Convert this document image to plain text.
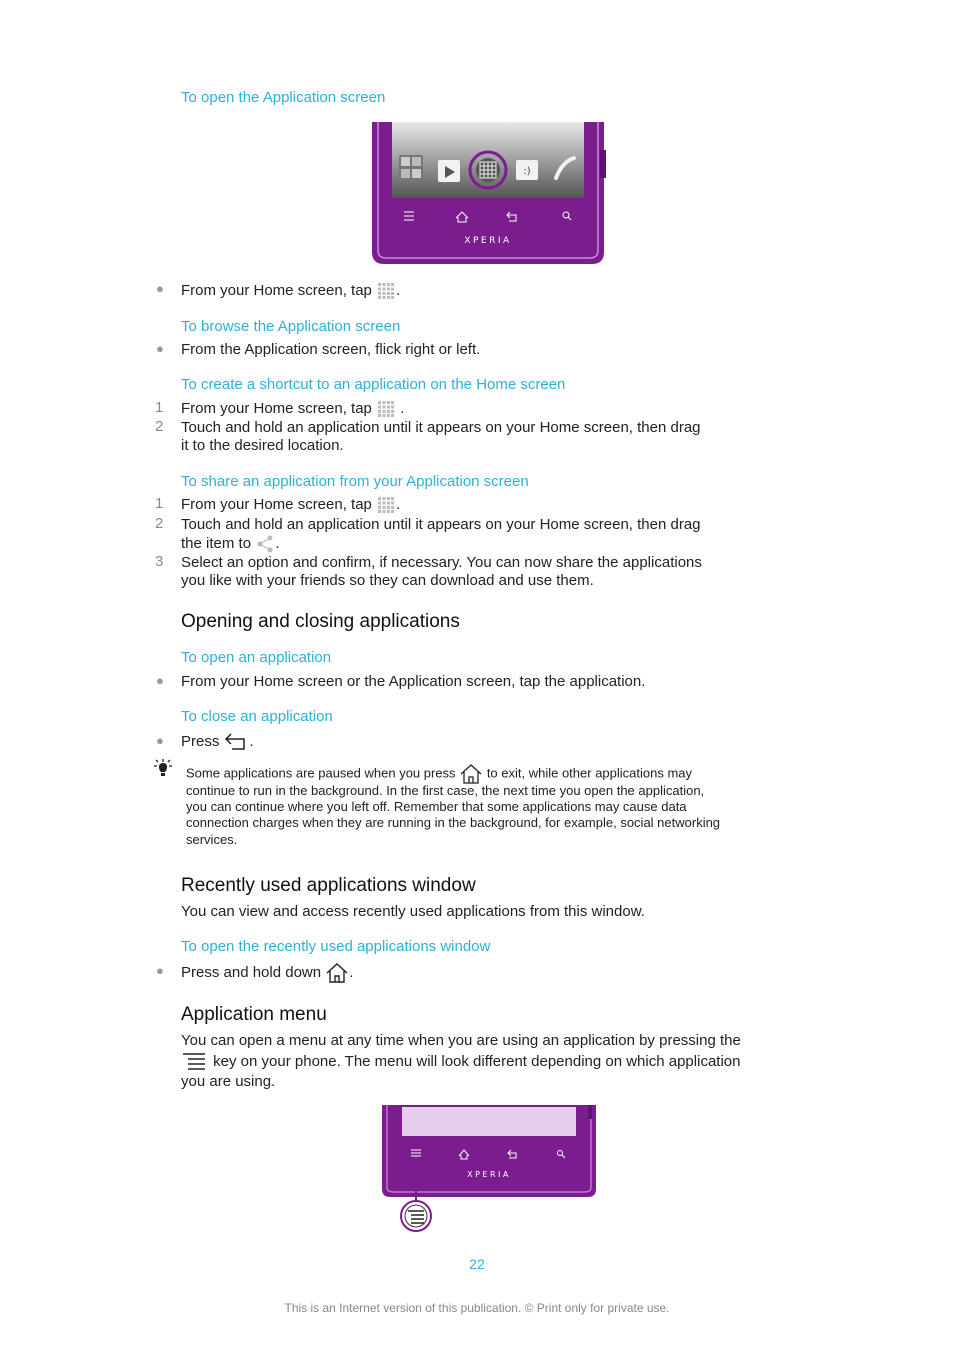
To open the Application screen
:)
XPERIA
● From your Home screen, tap .
To browse the Application screen
● From the Application screen, flick right or left.
To create a shortcut to an application on the Home screen
1 From your Home screen, tap .
2 Touch and hold an application until it appears on your Home screen, then drag
it to the desired location.
To share an application from your Application screen
1 From your Home screen, tap .
2 Touch and hold an application until it appears on your Home screen, then drag
the item to .
3 Select an option and confirm, if necessary. You can now share the applications
you like with your friends so they can download and use them.
Opening and closing applications
To open an application
● From your Home screen or the Application screen, tap the application.
To close an application
● Press .
Some applications are paused when you press to exit, while other applications may
continue to run in the background. In the first case, the next time you open the application,
you can continue where you left off. Remember that some applications may cause data
connection charges when they are running in the background, for example, social networking
services.
Recently used applications window
You can view and access recently used applications from this window.
To open the recently used applications window
● Press and hold down .
Application menu
You can open a menu at any time when you are using an application by pressing the
key on your phone. The menu will look different depending on which application
you are using.
XPERIA
22
This is an Internet version of this publication. © Print only for private use.
